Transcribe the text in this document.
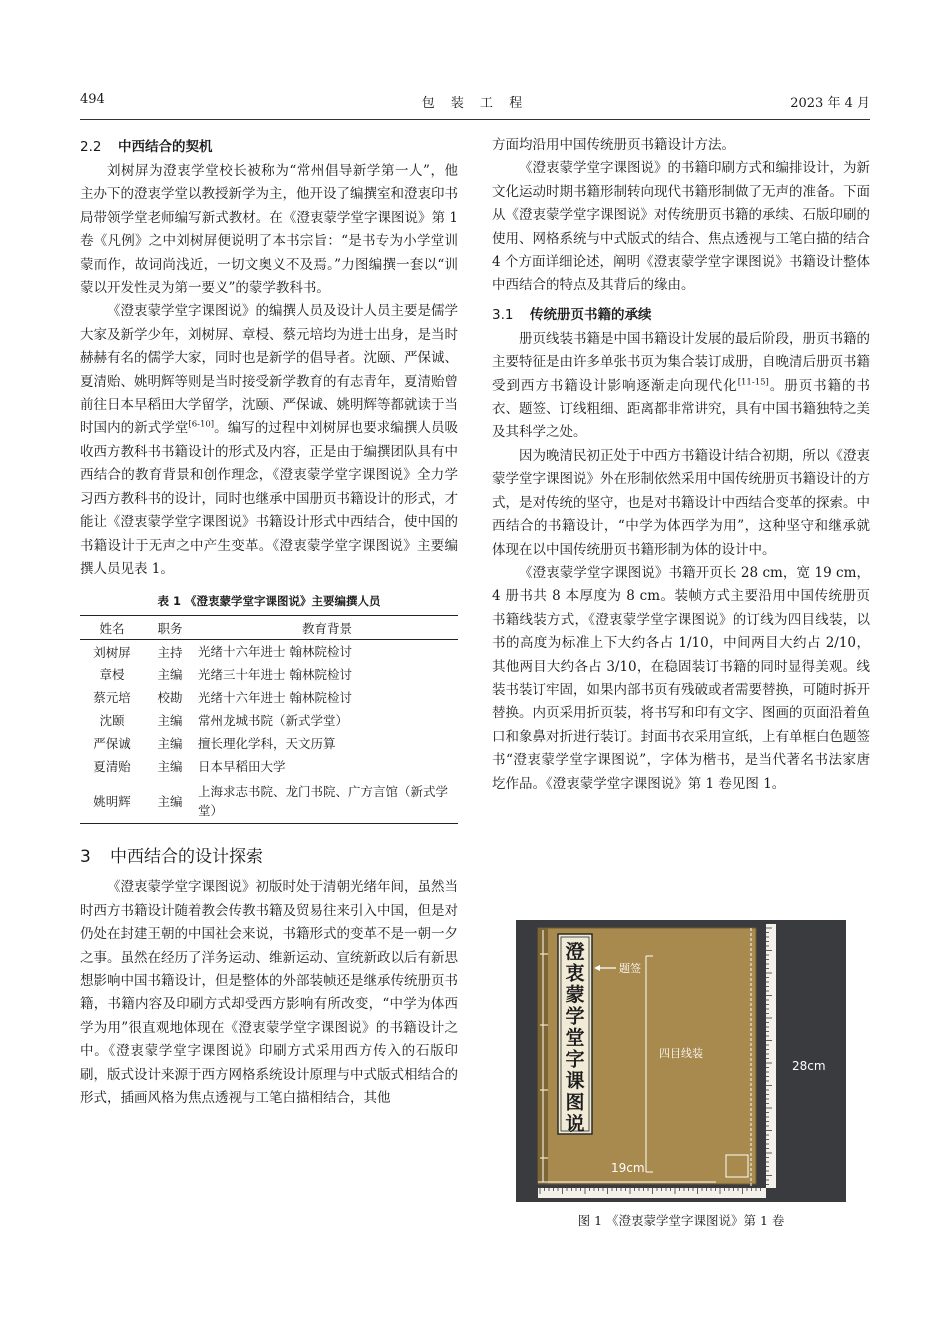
494	包 装 工 程	2023 年 4 月
2.2 中西结合的契机

刘树屏为澄衷学堂校长被称为“常州倡导新学第一人”，他主办下的澄衷学堂以教授新学为主，他开设了编撰室和澄衷印书局带领学堂老师编写新式教材。在《澄衷蒙学堂字课图说》第 1 卷《凡例》之中刘树屏便说明了本书宗旨：“是书专为小学堂训蒙而作，故词尚浅近，一切文奥义不及焉。”力图编撰一套以“训蒙以开发性灵为第一要义”的蒙学教科书。

《澄衷蒙学堂字课图说》的编撰人员及设计人员主要是儒学大家及新学少年，刘树屏、章梫、蔡元培均为进士出身，是当时赫赫有名的儒学大家，同时也是新学的倡导者。沈颐、严保诚、夏清贻、姚明辉等则是当时接受新学教育的有志青年，夏清贻曾前往日本早稻田大学留学，沈颐、严保诚、姚明辉等都就读于当时国内的新式学堂[6-10]。编写的过程中刘树屏也要求编撰人员吸收西方教科书书籍设计的形式及内容，正是由于编撰团队具有中西结合的教育背景和创作理念，《澄衷蒙学堂字课图说》全力学习西方教科书的设计，同时也继承中国册页书籍设计的形式，才能让《澄衷蒙学堂字课图说》书籍设计形式中西结合，使中国的书籍设计于无声之中产生变革。《澄衷蒙学堂字课图说》主要编撰人员见表 1。

表 1 《澄衷蒙学堂字课图说》主要编撰人员
姓名	职务	教育背景
刘树屏	主持	光绪十六年进士 翰林院检讨
章梫	主编	光绪三十年进士 翰林院检讨
蔡元培	校勘	光绪十六年进士 翰林院检讨
沈颐	主编	常州龙城书院（新式学堂）
严保诚	主编	擅长理化学科，天文历算
夏清贻	主编	日本早稻田大学
姚明辉	主编	上海求志书院、龙门书院、广方言馆（新式学堂）
3 中西结合的设计探索

《澄衷蒙学堂字课图说》初版时处于清朝光绪年间，虽然当时西方书籍设计随着教会传教书籍及贸易往来引入中国，但是对仍处在封建王朝的中国社会来说，书籍形式的变革不是一朝一夕之事。虽然在经历了洋务运动、维新运动、宣统新政以后有新思想影响中国书籍设计，但是整体的外部装帧还是继承传统册页书籍，书籍内容及印刷方式却受西方影响有所改变，“中学为体西学为用”很直观地体现在《澄衷蒙学堂字课图说》的书籍设计之中。《澄衷蒙学堂字课图说》印刷方式采用西方传入的石版印刷，版式设计来源于西方网格系统设计原理与中式版式相结合的形式，插画风格为焦点透视与工笔白描相结合，其他

方面均沿用中国传统册页书籍设计方法。

《澄衷蒙学堂字课图说》的书籍印刷方式和编排设计，为新文化运动时期书籍形制转向现代书籍形制做了无声的准备。下面从《澄衷蒙学堂字课图说》对传统册页书籍的承续、石版印刷的使用、网格系统与中式版式的结合、焦点透视与工笔白描的结合 4 个方面详细论述，阐明《澄衷蒙学堂字课图说》书籍设计整体中西结合的特点及其背后的缘由。

3.1 传统册页书籍的承续

册页线装书籍是中国书籍设计发展的最后阶段，册页书籍的主要特征是由许多单张书页为集合装订成册，自晚清后册页书籍受到西方书籍设计影响逐渐走向现代化[11-15]。册页书籍的书衣、题签、订线粗细、距离都非常讲究，具有中国书籍独特之美及其科学之处。

因为晚清民初正处于中西方书籍设计结合初期，所以《澄衷蒙学堂字课图说》外在形制依然采用中国传统册页书籍设计的方式，是对传统的坚守，也是对书籍设计中西结合变革的探索。中西结合的书籍设计，“中学为体西学为用”，这种坚守和继承就体现在以中国传统册页书籍形制为体的设计中。

《澄衷蒙学堂字课图说》书籍开页长 28 cm，宽 19 cm，4 册书共 8 本厚度为 8 cm。装帧方式主要沿用中国传统册页书籍线装方式，《澄衷蒙学堂字课图说》的订线为四目线装，以书的高度为标准上下大约各占 1/10，中间两目大约占 2/10，其他两目大约各占 3/10，在稳固装订书籍的同时显得美观。线装书装订牢固，如果内部书页有残破或者需要替换，可随时拆开替换。内页采用折页装，将书写和印有文字、图画的页面沿着鱼口和象鼻对折进行装订。封面书衣采用宣纸，上有单框白色题签书“澄衷蒙学堂字课图说”，字体为楷书，是当代著名书法家唐圪作品。《澄衷蒙学堂字课图说》第 1 卷见图 1。

澄衷蒙学堂字课图说
题签
四目线装
28cm
19cm
图 1 《澄衷蒙学堂字课图说》第 1 卷
